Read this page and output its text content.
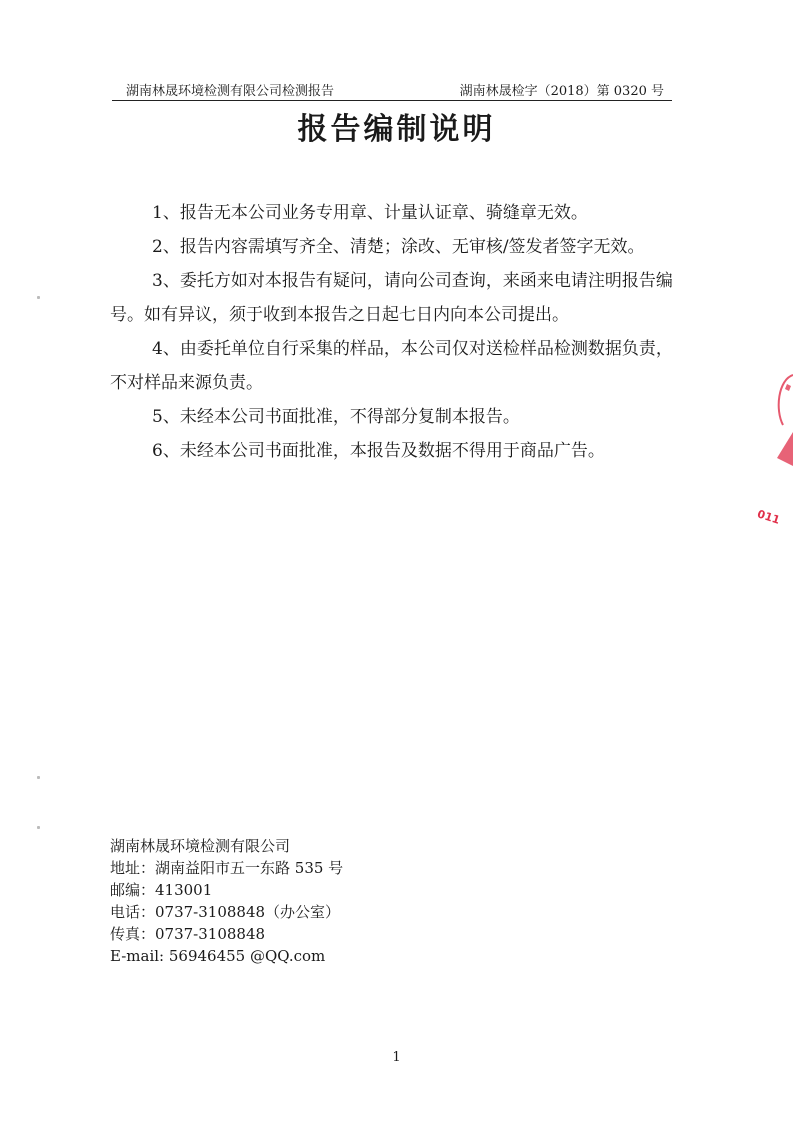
湖南林晟环境检测有限公司检测报告	湖南林晟检字（2018）第 0320 号
报告编制说明

1、报告无本公司业务专用章、计量认证章、骑缝章无效。

2、报告内容需填写齐全、清楚；涂改、无审核/签发者签字无效。

3、委托方如对本报告有疑问，请向公司查询，来函来电请注明报告编号。如有异议，须于收到本报告之日起七日内向本公司提出。

4、由委托单位自行采集的样品，本公司仅对送检样品检测数据负责，不对样品来源负责。

5、未经本公司书面批准，不得部分复制本报告。

6、未经本公司书面批准，本报告及数据不得用于商品广告。

湖南林晟环境检测有限公司
地址：湖南益阳市五一东路 535 号
邮编：413001
电话：0737-3108848（办公室）
传真：0737-3108848
E-mail: 56946455 @QQ.com
1
011
